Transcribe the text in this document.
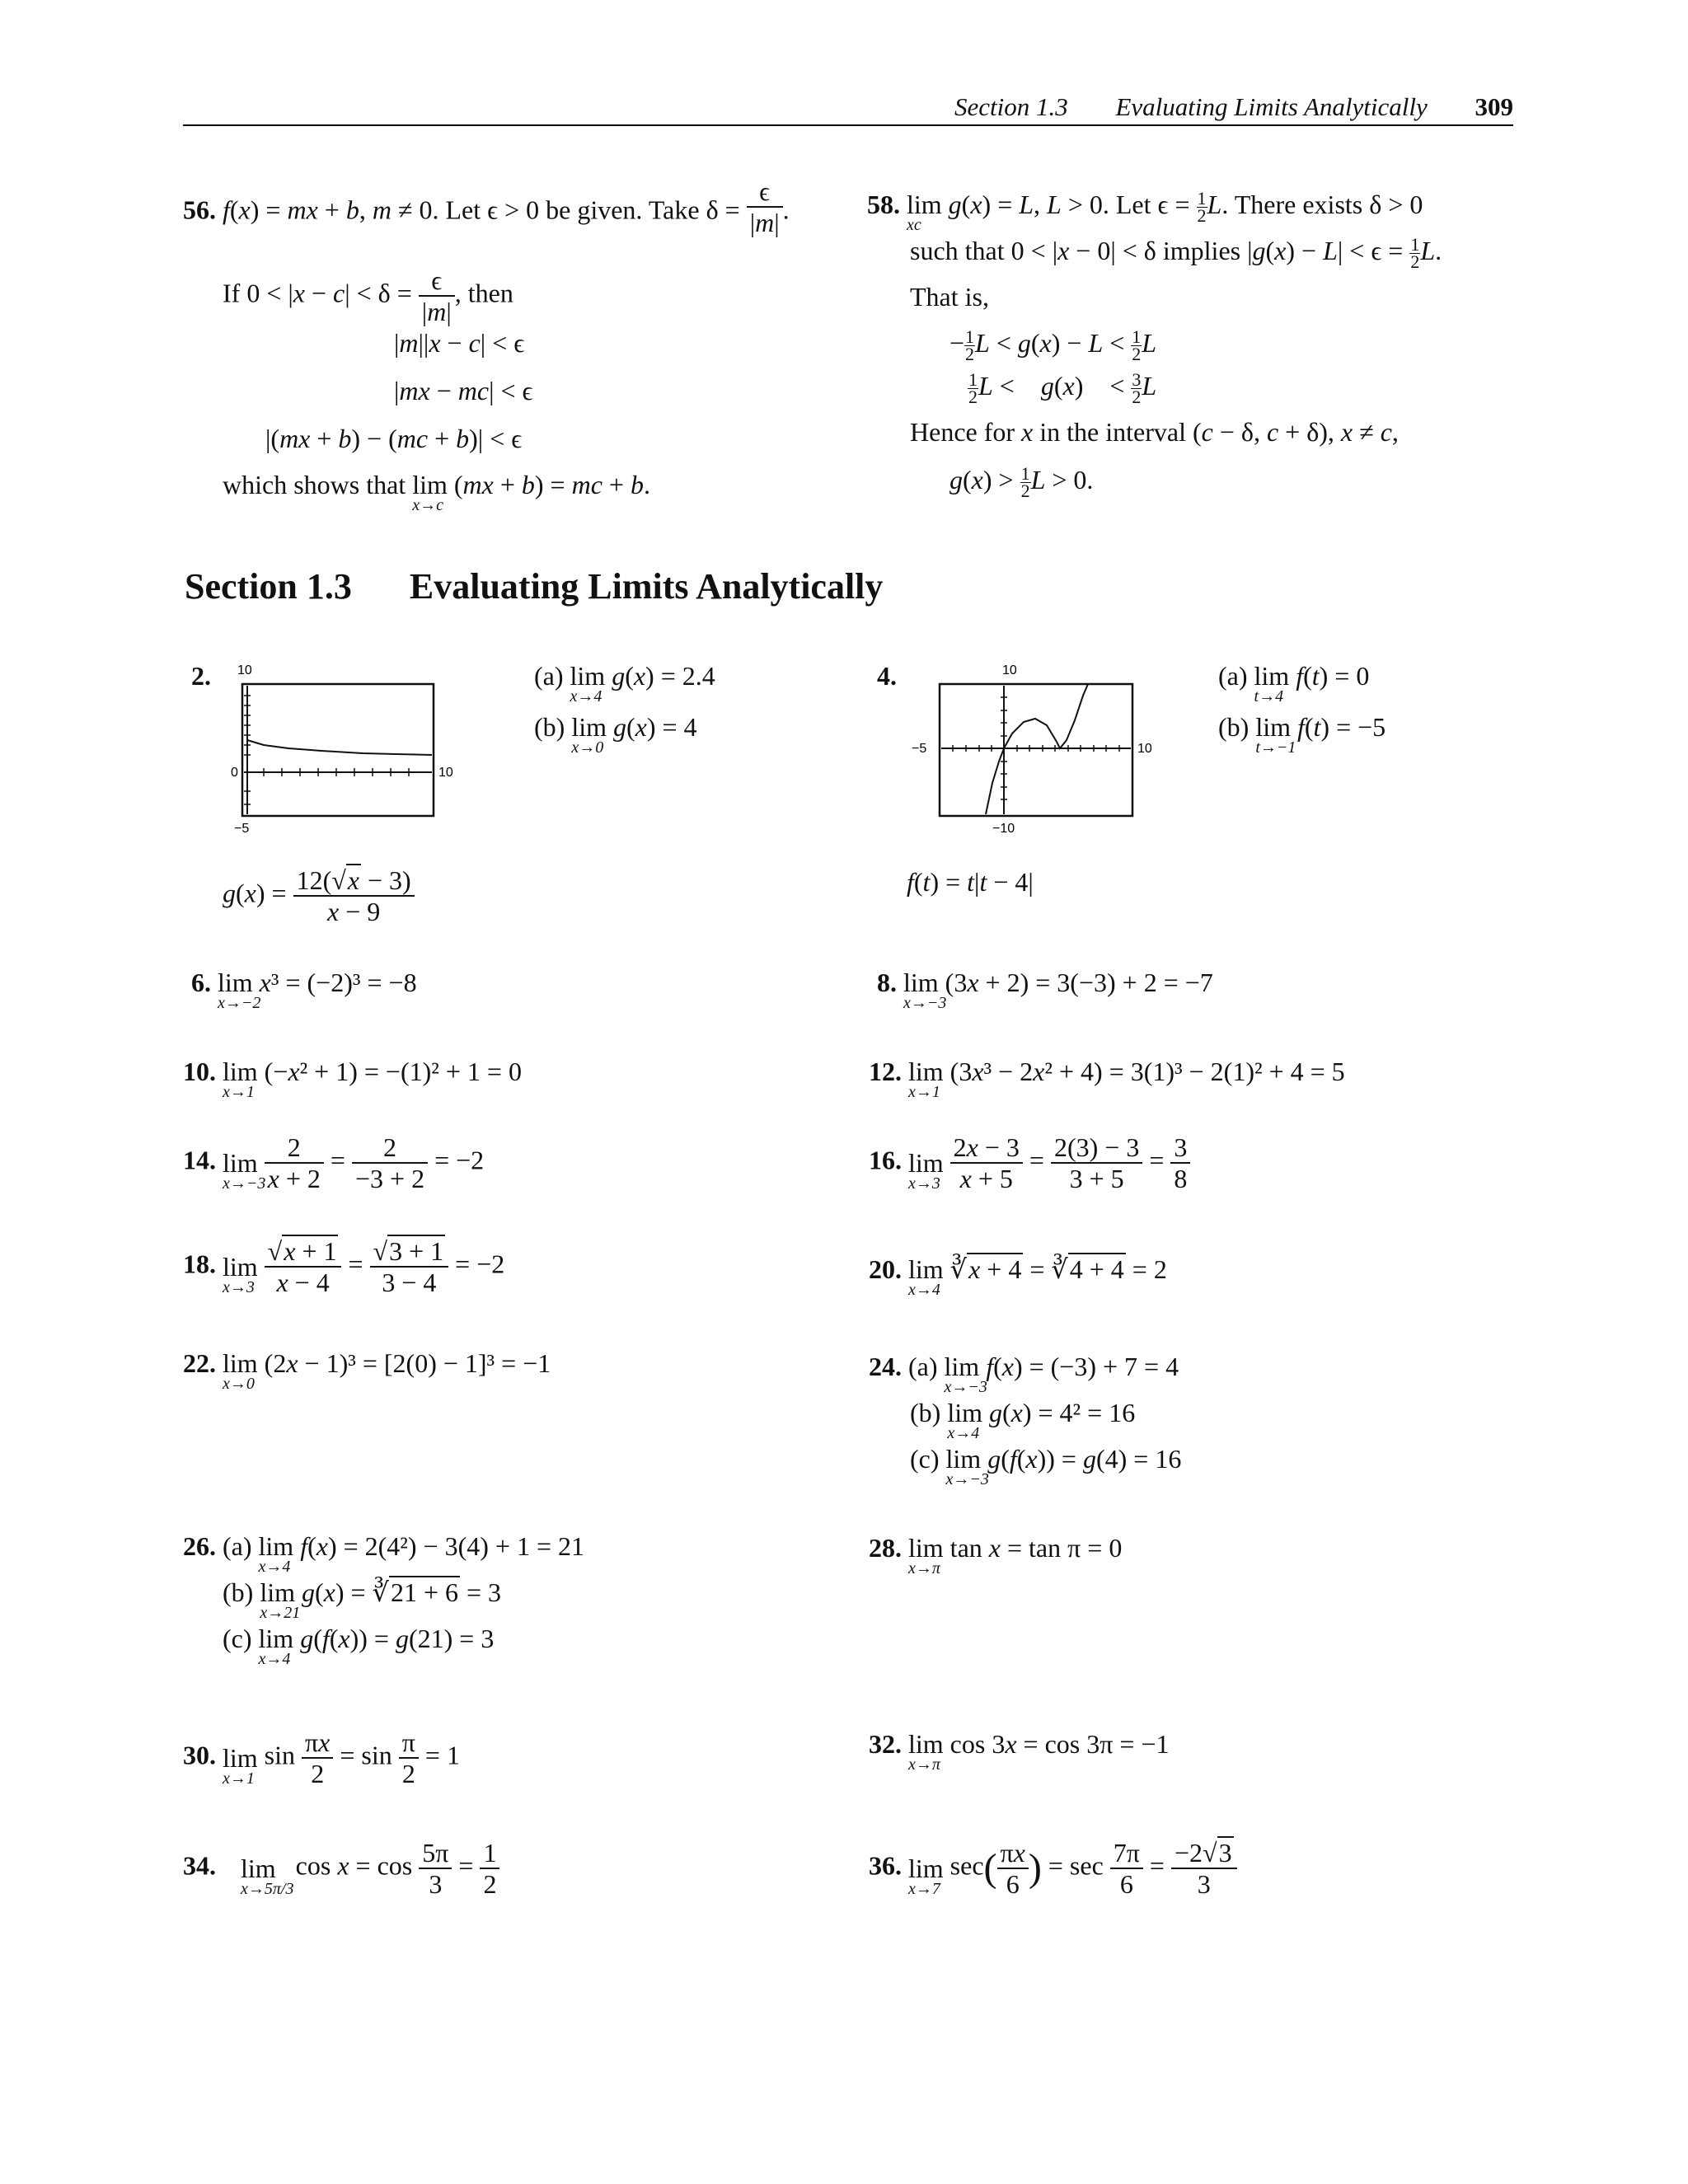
Section 1.3 Evaluating Limits Analytically 309
56. f(x) = mx + b, m ≠ 0. Let ϵ > 0 be given. Take $\delta = \frac{\epsilon}{|m|}$ .
If $0 < |x - c| < \delta = \frac{\epsilon}{|m|}$ , then
|m||x − c| < ϵ
|mx − mc| < ϵ
|(mx + b) − (mc + b)| < ϵ
which shows that lim
x→c
(mx + b) = mc + b.
58. lim
xc
g(x) = L, L > 0. Let $\epsilon = \frac{1}{2} L$. There exists δ > 0
such that 0 < |x − 0| < δ implies $|g(x) - L| < \epsilon = \frac{1}{2} L$.
That is,
− $\frac{1}{2}$ $L < g(x) - L < \frac{1}{2}$ L
$\frac{1}{2}$ L <    g(x)    < $\frac{3}{2}$ L
Hence for x in the interval (c − δ, c + δ), x ≠ c,
$g(x) > \frac{1}{2}$ L > 0.
Section 1.3 Evaluating Limits Analytically
2. 10
0	10
−5
$g(x) = \frac{12(√x - 3)}{x - 9}$
(a) lim
x→4
g(x) = 2.4
(b) lim
x→0
g(x) = 4
4.	10
−5	10
−10
f(t) = t|t − 4|
(a) lim
t→4
f(t) = 0
(b) lim
t→−1
f(t) = −5
6. lim
x→−2
x³ = (−2)³ = −8	8. lim
x→−3
(3x + 2) = 3(−3) + 2 = −7
10. lim
x→1
(−x² + 1) = −(1)² + 1 = 0	12. lim
x→1
(3x³ − 2x² + 4) = 3(1)³ − 2(1)² + 4 = 5
14. lim
x→−3

$\frac{2}{x + 2} = \frac{2}{-3 + 2} = -2$	16. lim
x→3
$\frac{2x - 3}{x + 5} = \frac{2(3) - 3}{3 + 5} = \frac{3}{8}$
18. lim
x→3
$\frac{√x + 1}{x - 4} = \frac{√3 + 1}{3 - 4} = -2$	20. lim
x→4
∛x + 4 = ∛4 + 4 = 2
22. lim
x→0
(2x − 1)³ = [2(0) − 1]³ = −1	24. (a) lim
x→−3
f(x) = (−3) + 7 = 4
(b) lim
x→4
g(x) = 4² = 16
(c) lim
x→−3
g(f(x)) = g(4) = 16
26. (a) lim
x→4
f(x) = 2(4²) − 3(4) + 1 = 21
(b) lim
x→21
g(x) = ∛21 + 6 = 3
(c) lim
x→4
g(f(x)) = g(21) = 3
28. lim
x→π
tan x = tan π = 0
30. lim
x→1
$\sin \frac{\pi x}{2} = \sin \frac{\pi}{2} = 1$	32. lim
x→π
cos 3x = cos 3π = −1
34. lim
x→5π/3
$\cos x = \cos \frac{5\pi}{3} = \frac{1}{2}$	36. lim
x→7
$\sec( \frac{\pi x}{6}$ ) = $\sec \frac{7\pi}{6} = \frac{-2√3}{3}$
